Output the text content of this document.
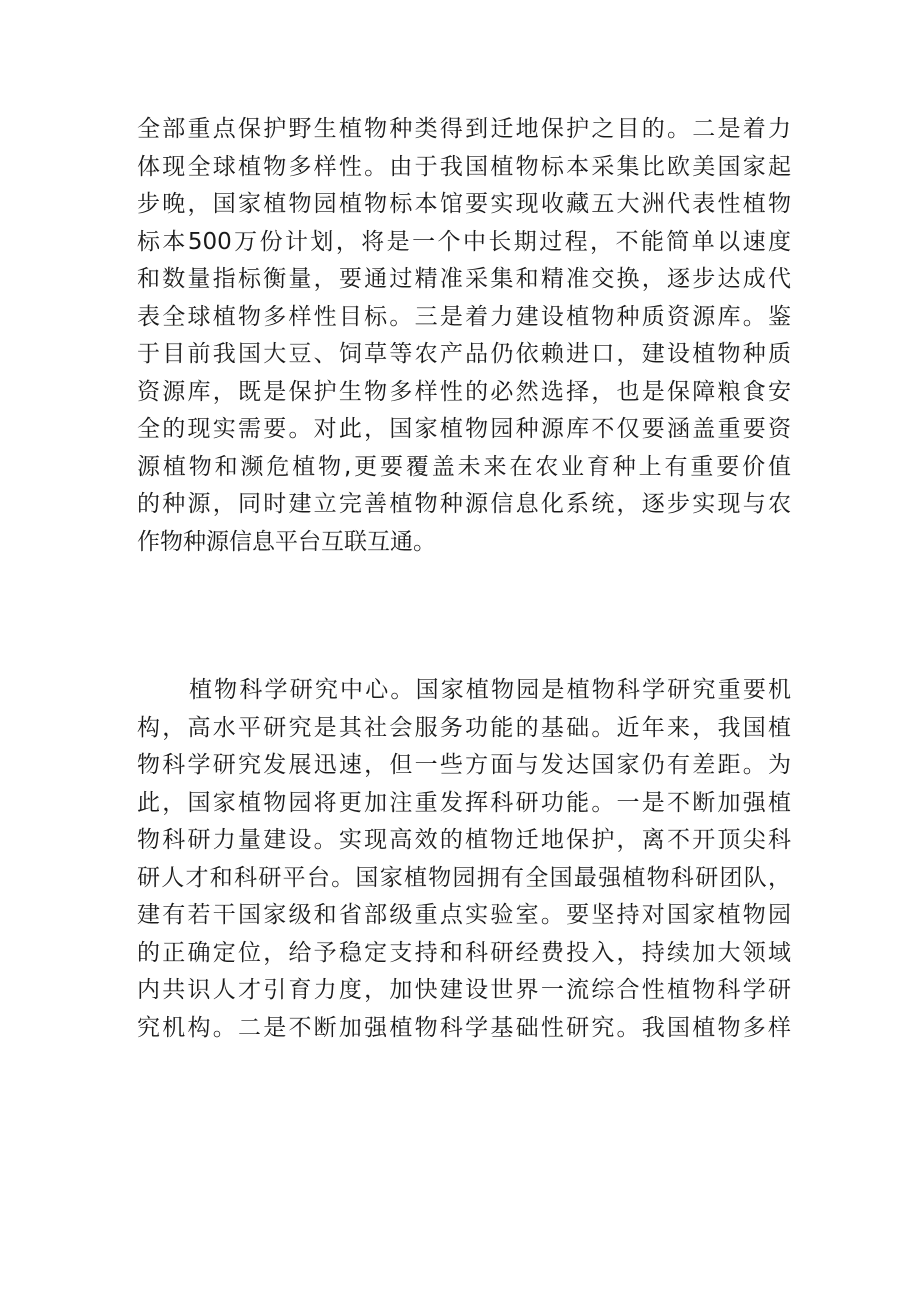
全部重点保护野生植物种类得到迁地保护之目的。二是着力
体现全球植物多样性。由于我国植物标本采集比欧美国家起
步晚，国家植物园植物标本馆要实现收藏五大洲代表性植物
标本500万份计划，将是一个中长期过程，不能简单以速度
和数量指标衡量，要通过精准采集和精准交换，逐步达成代
表全球植物多样性目标。三是着力建设植物种质资源库。鉴
于目前我国大豆、饲草等农产品仍依赖进口，建设植物种质
资源库，既是保护生物多样性的必然选择，也是保障粮食安
全的现实需要。对此，国家植物园种源库不仅要涵盖重要资
源植物和濒危植物,更要覆盖未来在农业育种上有重要价值
的种源，同时建立完善植物种源信息化系统，逐步实现与农
作物种源信息平台互联互通。
植物科学研究中心。国家植物园是植物科学研究重要机
构，高水平研究是其社会服务功能的基础。近年来，我国植
物科学研究发展迅速，但一些方面与发达国家仍有差距。为
此，国家植物园将更加注重发挥科研功能。一是不断加强植
物科研力量建设。实现高效的植物迁地保护，离不开顶尖科
研人才和科研平台。国家植物园拥有全国最强植物科研团队，
建有若干国家级和省部级重点实验室。要坚持对国家植物园
的正确定位，给予稳定支持和科研经费投入，持续加大领域
内共识人才引育力度，加快建设世界一流综合性植物科学研
究机构。二是不断加强植物科学基础性研究。我国植物多样
